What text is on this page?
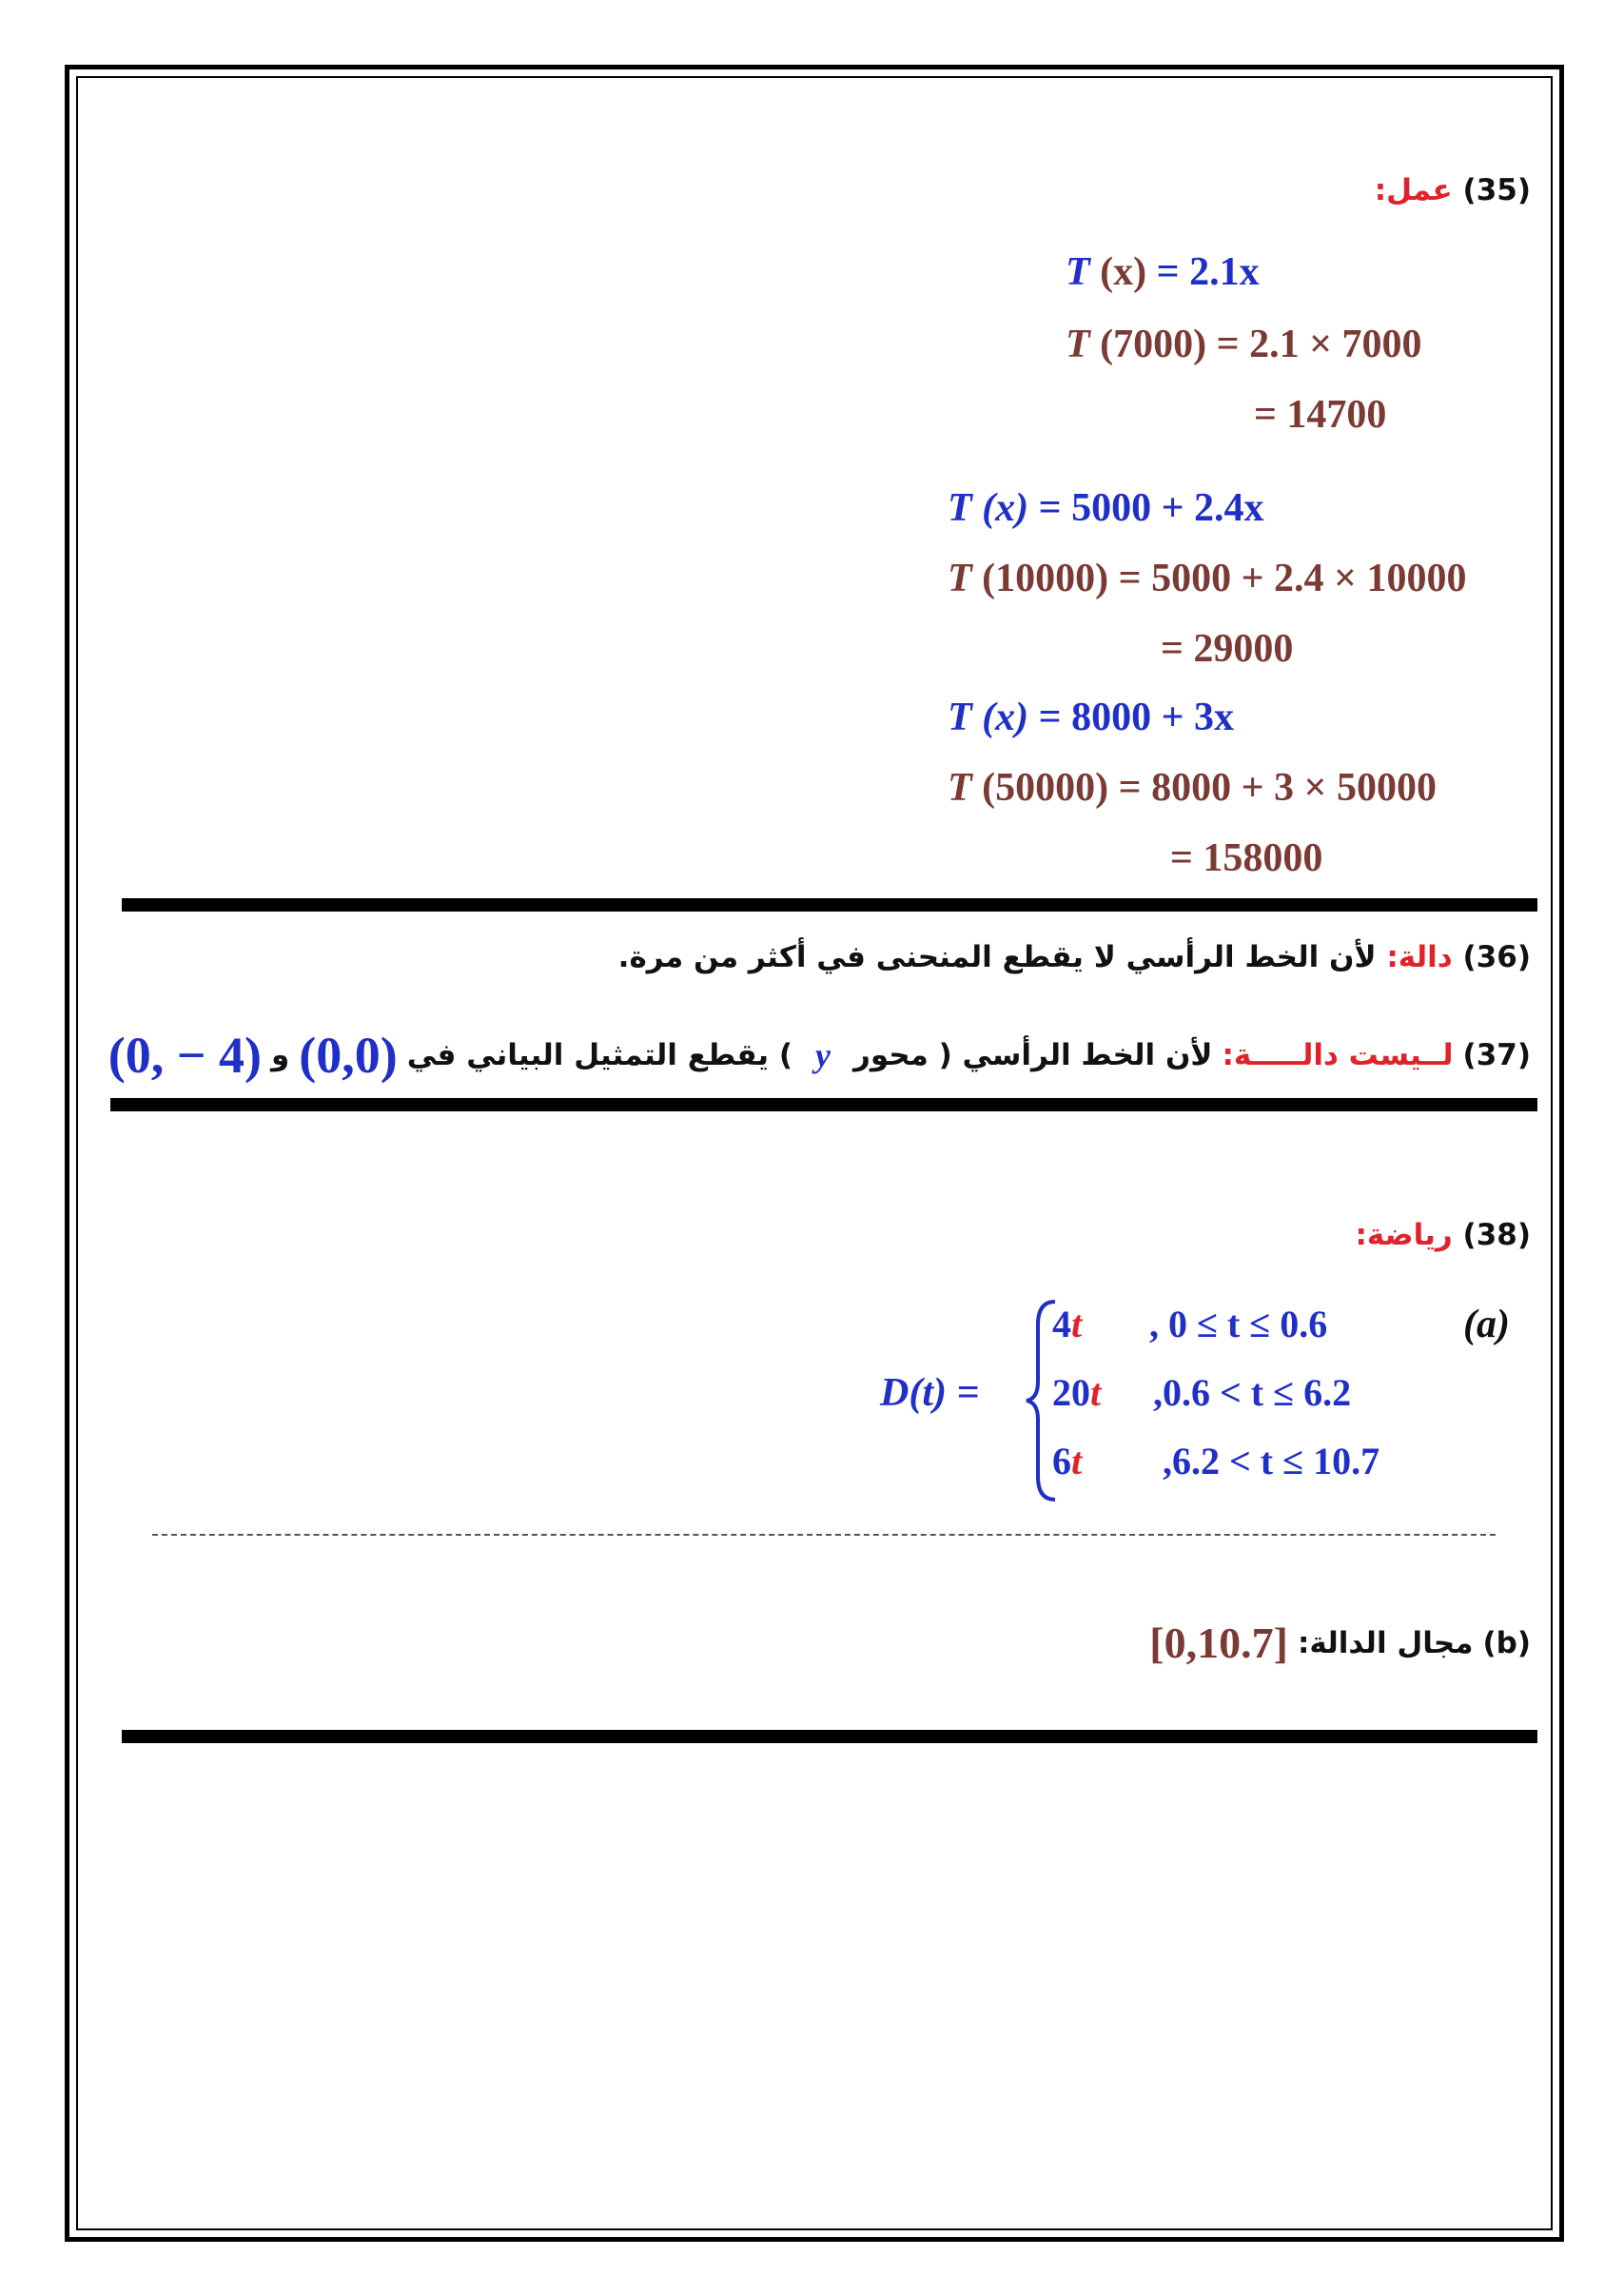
(35) عمل:
T (x) = 2.1x
T (7000) = 2.1 × 7000
= 14700
T (x) = 5000 + 2.4x
T (10000) = 5000 + 2.4 × 10000
= 29000
T (x) = 8000 + 3x
T (50000) = 8000 + 3 × 50000
= 158000
(36) دالة: لأن الخط الرأسي لا يقطع المنحنى في أكثر من مرة.
(37)
لــيست دالـــــة:
لأن الخط الرأسي ( محور
y
) يقطع التمثيل البياني في
(0,0)
و
(0, − 4)
(38) رياضة:
(a)
D(t) =
4t , 0 ≤ t ≤ 0.6
20t ,0.6 < t ≤ 6.2
6t ,6.2 < t ≤ 10.7
(b)
مجال الدالة:
[0,10.7]
